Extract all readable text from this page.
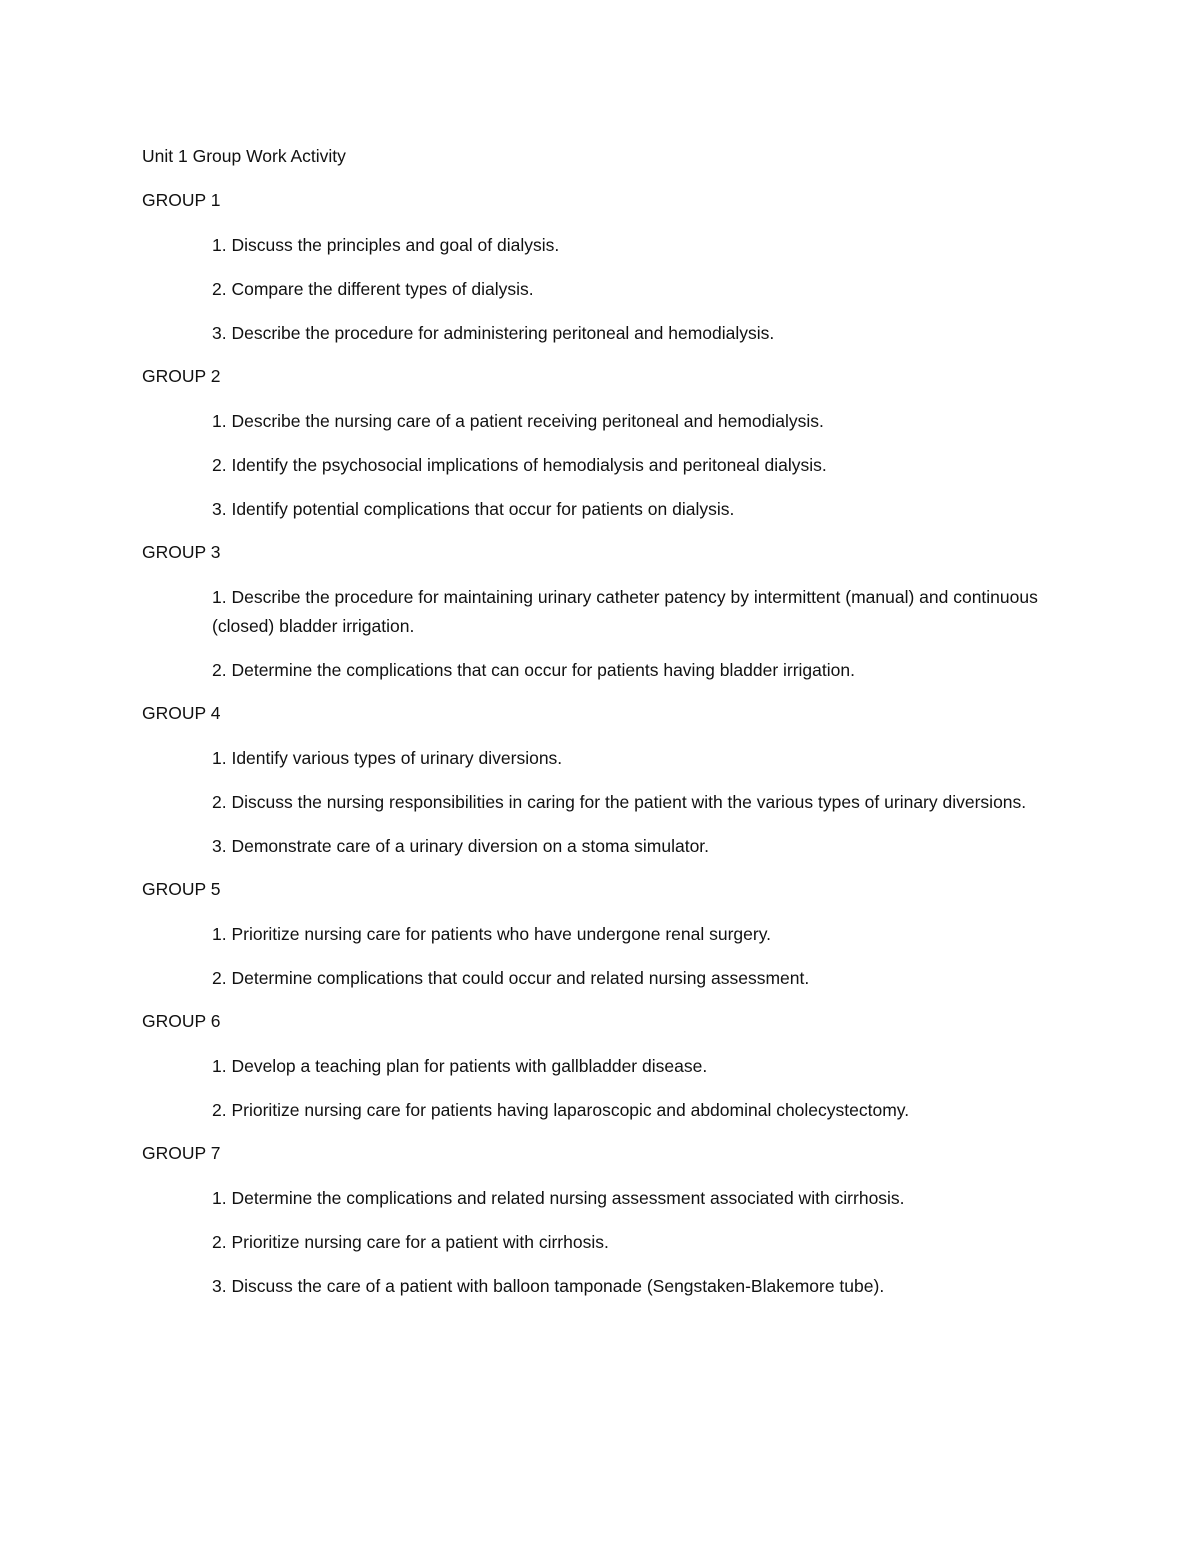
Unit 1 Group Work Activity
GROUP 1
1. Discuss the principles and goal of dialysis.
2. Compare the different types of dialysis.
3. Describe the procedure for administering peritoneal and hemodialysis.
GROUP 2
1. Describe the nursing care of a patient receiving peritoneal and hemodialysis.
2. Identify the psychosocial implications of hemodialysis and peritoneal dialysis.
3. Identify potential complications that occur for patients on dialysis.
GROUP 3
1. Describe the procedure for maintaining urinary catheter patency by intermittent (manual) and continuous (closed) bladder irrigation.
2. Determine the complications that can occur for patients having bladder irrigation.
GROUP 4
1. Identify various types of urinary diversions.
2. Discuss the nursing responsibilities in caring for the patient with the various types of urinary diversions.
3. Demonstrate care of a urinary diversion on a stoma simulator.
GROUP 5
1. Prioritize nursing care for patients who have undergone renal surgery.
2. Determine complications that could occur and related nursing assessment.
GROUP 6
1. Develop a teaching plan for patients with gallbladder disease.
2. Prioritize nursing care for patients having laparoscopic and abdominal cholecystectomy.
GROUP 7
1. Determine the complications and related nursing assessment associated with cirrhosis.
2. Prioritize nursing care for a patient with cirrhosis.
3. Discuss the care of a patient with balloon tamponade (Sengstaken-Blakemore tube).
